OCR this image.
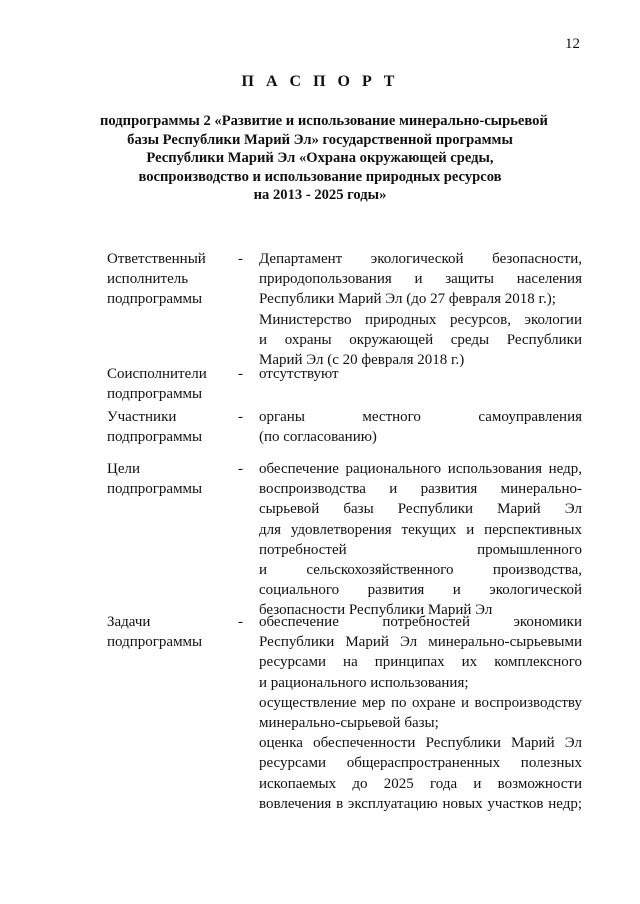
12
П А С П О Р Т
подпрограммы 2 «Развитие и использование минерально-сырьевой
базы Республики Марий Эл» государственной программы
Республики Марий Эл «Охрана окружающей среды,
воспроизводство и использование природных ресурсов
на 2013 - 2025 годы»
Ответственный
исполнитель
подпрограммы
- Департамент экологической безопасности,
природопользования и защиты населения
Республики Марий Эл (до 27 февраля 2018 г.);
Министерство природных ресурсов, экологии
и охраны окружающей среды Республики
Марий Эл (с 20 февраля 2018 г.)
Соисполнители
подпрограммы
- отсутствуют
Участники
подпрограммы
- органы местного самоуправления
(по согласованию)
Цели
подпрограммы
- обеспечение рационального использования недр,
воспроизводства и развития минерально-
сырьевой базы Республики Марий Эл
для удовлетворения текущих и перспективных
потребностей промышленного
и сельскохозяйственного производства,
социального развития и экологической
безопасности Республики Марий Эл
Задачи
подпрограммы
- обеспечение потребностей экономики
Республики Марий Эл минерально-сырьевыми
ресурсами на принципах их комплексного
и рационального использования;
осуществление мер по охране и воспроизводству
минерально-сырьевой базы;
оценка обеспеченности Республики Марий Эл
ресурсами общераспространенных полезных
ископаемых до 2025 года и возможности
вовлечения в эксплуатацию новых участков недр;
